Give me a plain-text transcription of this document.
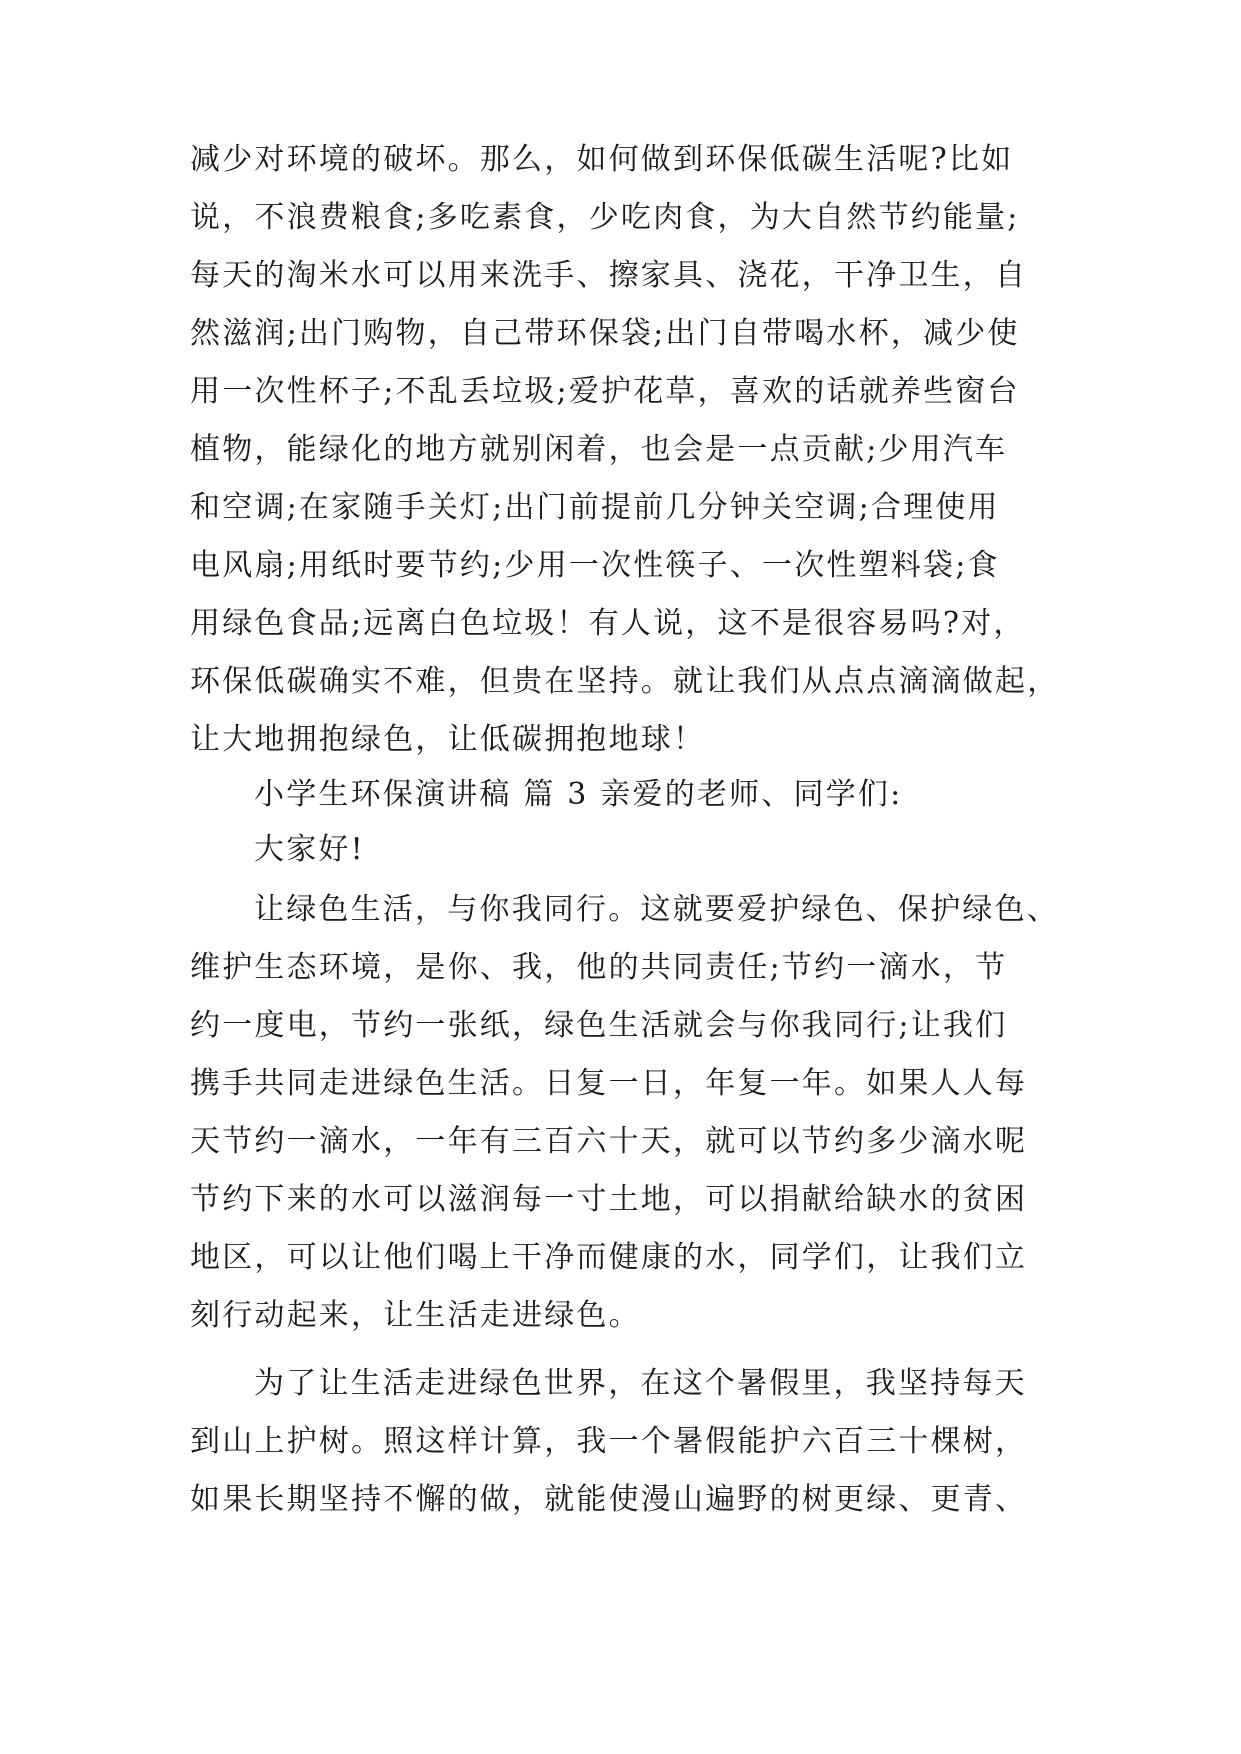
减少对环境的破坏。那么，如何做到环保低碳生活呢?比如
说，不浪费粮食;多吃素食，少吃肉食，为大自然节约能量;
每天的淘米水可以用来洗手、擦家具、浇花，干净卫生，自
然滋润;出门购物，自己带环保袋;出门自带喝水杯，减少使
用一次性杯子;不乱丢垃圾;爱护花草，喜欢的话就养些窗台
植物，能绿化的地方就别闲着，也会是一点贡献;少用汽车
和空调;在家随手关灯;出门前提前几分钟关空调;合理使用
电风扇;用纸时要节约;少用一次性筷子、一次性塑料袋;食
用绿色食品;远离白色垃圾！有人说，这不是很容易吗?对，
环保低碳确实不难，但贵在坚持。就让我们从点点滴滴做起，
让大地拥抱绿色，让低碳拥抱地球！
小学生环保演讲稿 篇 3 亲爱的老师、同学们:
大家好!
让绿色生活，与你我同行。这就要爱护绿色、保护绿色、
维护生态环境，是你、我，他的共同责任;节约一滴水，节
约一度电，节约一张纸，绿色生活就会与你我同行;让我们
携手共同走进绿色生活。日复一日，年复一年。如果人人每
天节约一滴水，一年有三百六十天，就可以节约多少滴水呢
节约下来的水可以滋润每一寸土地，可以捐献给缺水的贫困
地区，可以让他们喝上干净而健康的水，同学们，让我们立
刻行动起来，让生活走进绿色。
为了让生活走进绿色世界，在这个暑假里，我坚持每天
到山上护树。照这样计算，我一个暑假能护六百三十棵树，
如果长期坚持不懈的做，就能使漫山遍野的树更绿、更青、
